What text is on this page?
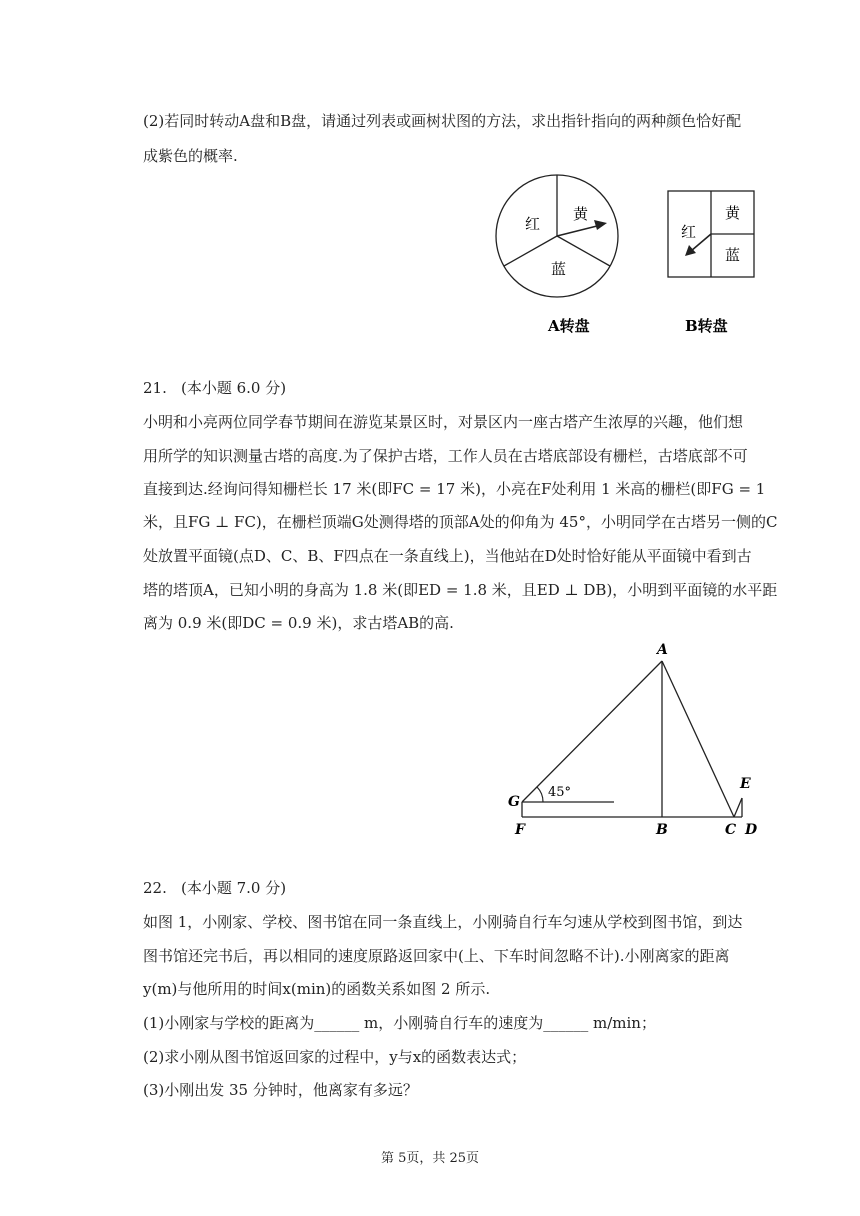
(2)若同时转动A盘和B盘，请通过列表或画树状图的方法，求出指针指向的两种颜色恰好配
成紫色的概率.
红
黄
蓝
A转盘
红
黄
蓝
B转盘
21. (本小题 6.0 分)
小明和小亮两位同学春节期间在游览某景区时，对景区内一座古塔产生浓厚的兴趣，他们想
用所学的知识测量古塔的高度.为了保护古塔，工作人员在古塔底部设有栅栏，古塔底部不可
直接到达.经询问得知栅栏长 17 米(即FC = 17 米)，小亮在F处利用 1 米高的栅栏(即FG = 1
米，且FG ⊥ FC)，在栅栏顶端G处测得塔的顶部A处的仰角为 45°，小明同学在古塔另一侧的C
处放置平面镜(点D、C、B、F四点在一条直线上)，当他站在D处时恰好能从平面镜中看到古
塔的塔顶A，已知小明的身高为 1.8 米(即ED = 1.8 米，且ED ⊥ DB)，小明到平面镜的水平距
离为 0.9 米(即DC = 0.9 米)，求古塔AB的高.
45°
A
G
F	B	C D
E
22. (本小题 7.0 分)
如图 1，小刚家、学校、图书馆在同一条直线上，小刚骑自行车匀速从学校到图书馆，到达
图书馆还完书后，再以相同的速度原路返回家中(上、下车时间忽略不计).小刚离家的距离
y(m)与他所用的时间x(min)的函数关系如图 2 所示.
(1)小刚家与学校的距离为______ m，小刚骑自行车的速度为______ m/min；
(2)求小刚从图书馆返回家的过程中，y与x的函数表达式；
(3)小刚出发 35 分钟时，他离家有多远？
第 5页，共 25页
